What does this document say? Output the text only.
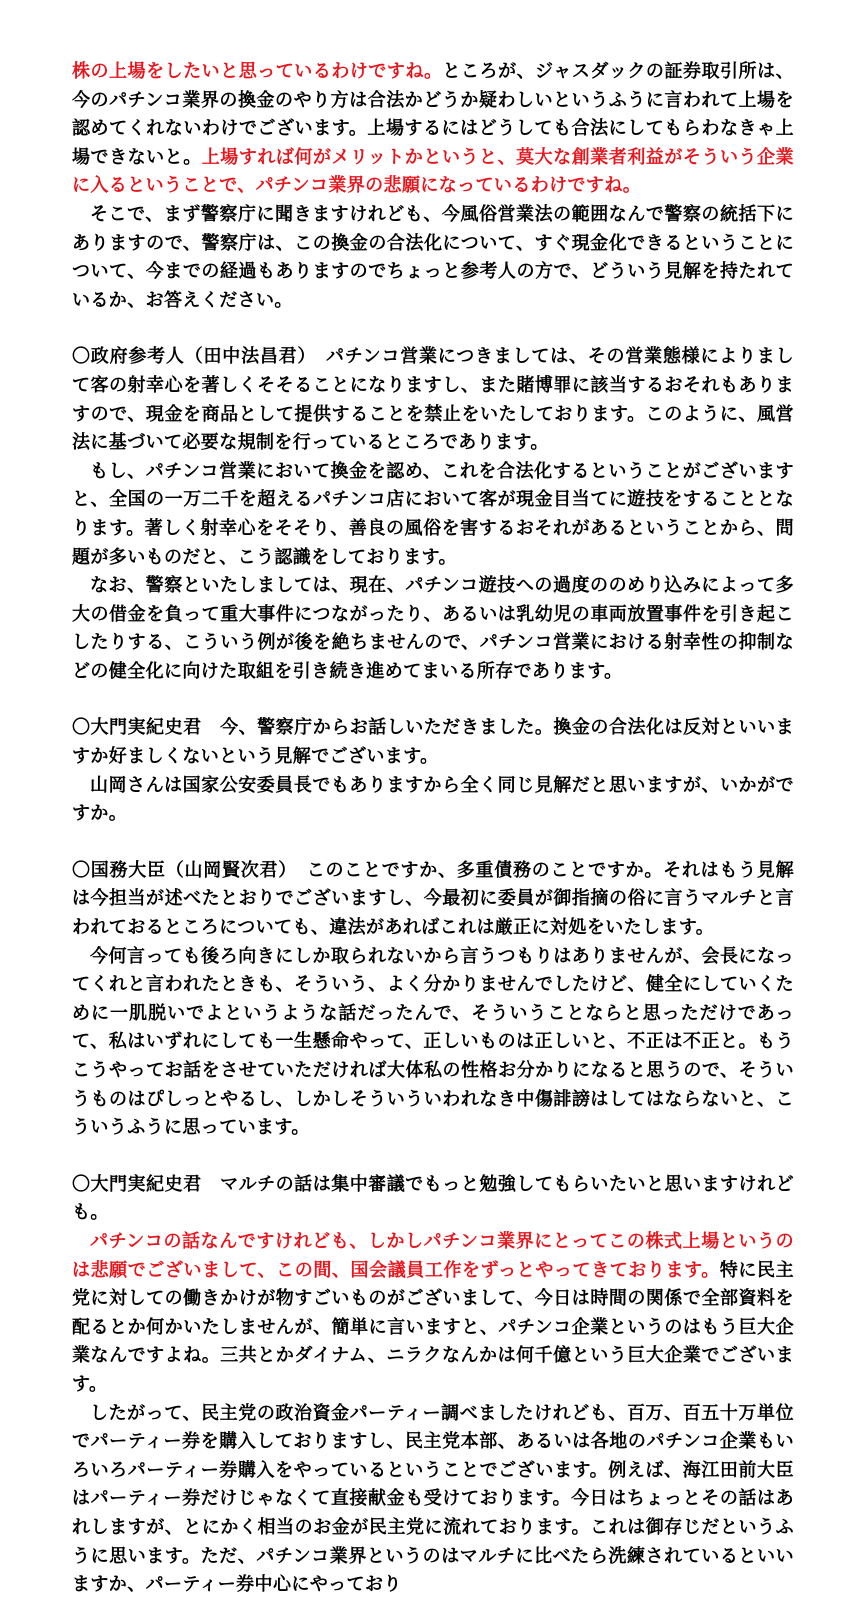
株の上場をしたいと思っているわけですね。ところが、ジャスダックの証券取引所は、今のパチンコ業界の換金のやり方は合法かどうか疑わしいというふうに言われて上場を認めてくれないわけでございます。上場するにはどうしても合法にしてもらわなきゃ上場できないと。上場すれば何がメリットかというと、莫大な創業者利益がそういう企業に入るということで、パチンコ業界の悲願になっているわけですね。

そこで、まず警察庁に聞きますけれども、今風俗営業法の範囲なんで警察の統括下にありますので、警察庁は、この換金の合法化について、すぐ現金化できるということについて、今までの経過もありますのでちょっと参考人の方で、どういう見解を持たれているか、お答えください。

〇政府参考人（田中法昌君）　パチンコ営業につきましては、その営業態様によりまして客の射幸心を著しくそそることになりますし、また賭博罪に該当するおそれもありますので、現金を商品として提供することを禁止をいたしております。このように、風営法に基づいて必要な規制を行っているところであります。

もし、パチンコ営業において換金を認め、これを合法化するということがございますと、全国の一万二千を超えるパチンコ店において客が現金目当てに遊技をすることとなります。著しく射幸心をそそり、善良の風俗を害するおそれがあるということから、問題が多いものだと、こう認識をしております。

なお、警察といたしましては、現在、パチンコ遊技への過度ののめり込みによって多大の借金を負って重大事件につながったり、あるいは乳幼児の車両放置事件を引き起こしたりする、こういう例が後を絶ちませんので、パチンコ営業における射幸性の抑制などの健全化に向けた取組を引き続き進めてまいる所存であります。

〇大門実紀史君　今、警察庁からお話しいただきました。換金の合法化は反対といいますか好ましくないという見解でございます。

山岡さんは国家公安委員長でもありますから全く同じ見解だと思いますが、いかがですか。

〇国務大臣（山岡賢次君）　このことですか、多重債務のことですか。それはもう見解は今担当が述べたとおりでございますし、今最初に委員が御指摘の俗に言うマルチと言われておるところについても、違法があればこれは厳正に対処をいたします。

今何言っても後ろ向きにしか取られないから言うつもりはありませんが、会長になってくれと言われたときも、そういう、よく分かりませんでしたけど、健全にしていくために一肌脱いでよというような話だったんで、そういうことならと思っただけであって、私はいずれにしても一生懸命やって、正しいものは正しいと、不正は不正と。もうこうやってお話をさせていただければ大体私の性格お分かりになると思うので、そういうものはぴしっとやるし、しかしそういういわれなき中傷誹謗はしてはならないと、こういうふうに思っています。

〇大門実紀史君　マルチの話は集中審議でもっと勉強してもらいたいと思いますけれども。

パチンコの話なんですけれども、しかしパチンコ業界にとってこの株式上場というのは悲願でございまして、この間、国会議員工作をずっとやってきております。特に民主党に対しての働きかけが物すごいものがございまして、今日は時間の関係で全部資料を配るとか何かいたしませんが、簡単に言いますと、パチンコ企業というのはもう巨大企業なんですよね。三共とかダイナム、ニラクなんかは何千億という巨大企業でございます。

したがって、民主党の政治資金パーティー調べましたけれども、百万、百五十万単位でパーティー券を購入しておりますし、民主党本部、あるいは各地のパチンコ企業もいろいろパーティー券購入をやっているということでございます。例えば、海江田前大臣はパーティー券だけじゃなくて直接献金も受けております。今日はちょっとその話はあれしますが、とにかく相当のお金が民主党に流れております。これは御存じだというふうに思います。ただ、パチンコ業界というのはマルチに比べたら洗練されているといいますか、パーティー券中心にやっており
